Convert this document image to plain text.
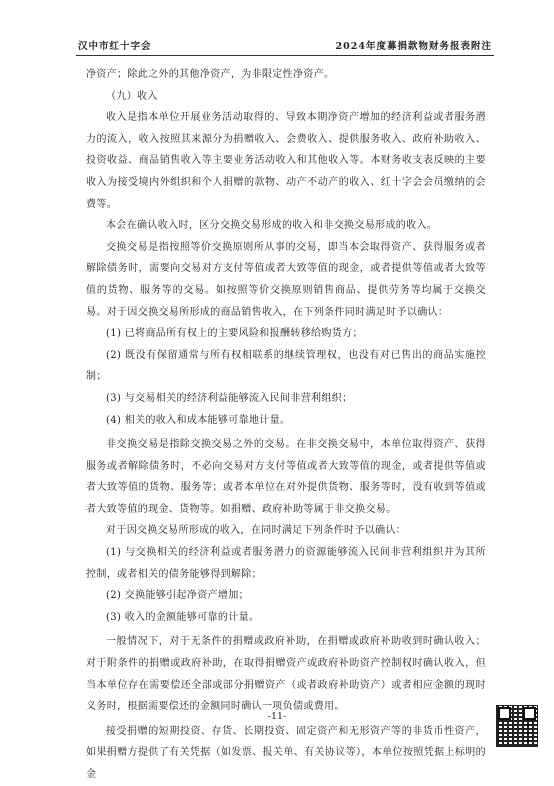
汉中市红十字会	2024年度募捐款物财务报表附注

净资产；除此之外的其他净资产，为非限定性净资产。

（九）收入

收入是指本单位开展业务活动取得的、导致本期净资产增加的经济利益或者服务潜力的流入，收入按照其来源分为捐赠收入、会费收入、提供服务收入、政府补助收入、投资收益、商品销售收入等主要业务活动收入和其他收入等。本财务收支表反映的主要收入为接受境内外组织和个人捐赠的款物、动产不动产的收入、红十字会会员缴纳的会费等。

本会在确认收入时，区分交换交易形成的收入和非交换交易形成的收入。

交换交易是指按照等价交换原则所从事的交易，即当本会取得资产、获得服务或者解除债务时，需要向交易对方支付等值或者大致等值的现金，或者提供等值或者大致等值的货物、服务等的交易。如按照等价交换原则销售商品、提供劳务等均属于交换交易。对于因交换交易所形成的商品销售收入，在下列条件同时满足时予以确认：

(1) 已将商品所有权上的主要风险和报酬转移给购货方；

(2) 既没有保留通常与所有权相联系的继续管理权，也没有对已售出的商品实施控制；

(3) 与交易相关的经济利益能够流入民间非营利组织；

(4) 相关的收入和成本能够可靠地计量。

非交换交易是指除交换交易之外的交易。在非交换交易中，本单位取得资产、获得服务或者解除债务时，不必向交易对方支付等值或者大致等值的现金，或者提供等值或者大致等值的货物、服务等；或者本单位在对外提供货物、服务等时，没有收到等值或者大致等值的现金、货物等。如捐赠、政府补助等属于非交换交易。

对于因交换交易所形成的收入，在同时满足下列条件时予以确认：

(1) 与交换相关的经济利益或者服务潜力的资源能够流入民间非营利组织并为其所控制，或者相关的债务能够得到解除；

(2) 交换能够引起净资产增加；

(3) 收入的金额能够可靠的计量。

一般情况下，对于无条件的捐赠或政府补助，在捐赠或政府补助收到时确认收入；对于附条件的捐赠或政府补助，在取得捐赠资产或政府补助资产控制权时确认收入，但当本单位存在需要偿还全部或部分捐赠资产（或者政府补助资产）或者相应金额的现时义务时，根据需要偿还的金额同时确认一项负债或费用。

接受捐赠的短期投资、存货、长期投资、固定资产和无形资产等的非货币性资产，如果捐赠方提供了有关凭据（如发票、报关单、有关协议等），本单位按照凭据上标明的金

-11-
